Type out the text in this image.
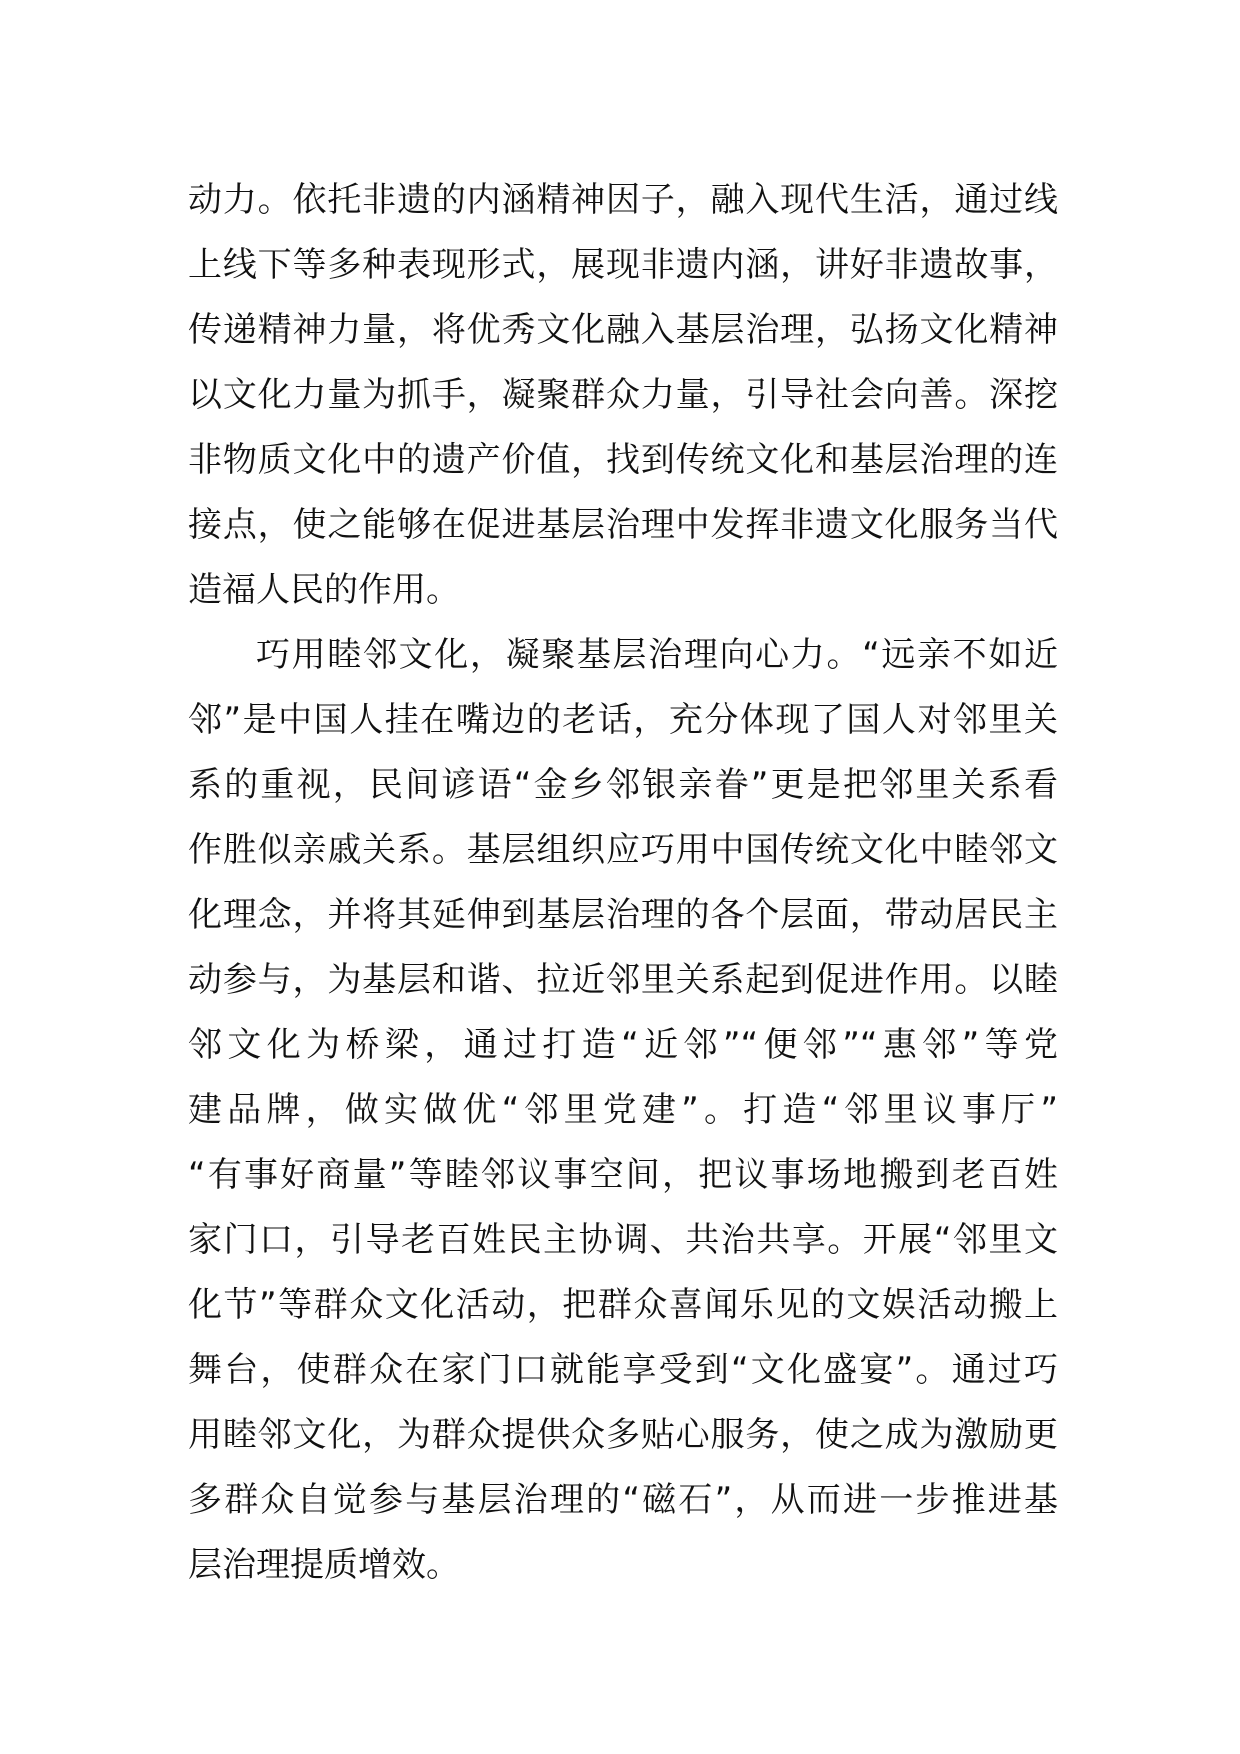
动力。依托非遗的内涵精神因子，融入现代生活，通过线
上线下等多种表现形式，展现非遗内涵，讲好非遗故事，
传递精神力量，将优秀文化融入基层治理，弘扬文化精神
以文化力量为抓手，凝聚群众力量，引导社会向善。深挖
非物质文化中的遗产价值，找到传统文化和基层治理的连
接点，使之能够在促进基层治理中发挥非遗文化服务当代
造福人民的作用。
巧用睦邻文化，凝聚基层治理向心力。“远亲不如近
邻”是中国人挂在嘴边的老话，充分体现了国人对邻里关
系的重视，民间谚语“金乡邻银亲眷”更是把邻里关系看
作胜似亲戚关系。基层组织应巧用中国传统文化中睦邻文
化理念，并将其延伸到基层治理的各个层面，带动居民主
动参与，为基层和谐、拉近邻里关系起到促进作用。以睦
邻文化为桥梁，通过打造“近邻”“便邻”“惠邻”等党
建品牌，做实做优“邻里党建”。打造“邻里议事厅”
“有事好商量”等睦邻议事空间，把议事场地搬到老百姓
家门口，引导老百姓民主协调、共治共享。开展“邻里文
化节”等群众文化活动，把群众喜闻乐见的文娱活动搬上
舞台，使群众在家门口就能享受到“文化盛宴”。通过巧
用睦邻文化，为群众提供众多贴心服务，使之成为激励更
多群众自觉参与基层治理的“磁石”，从而进一步推进基
层治理提质增效。
